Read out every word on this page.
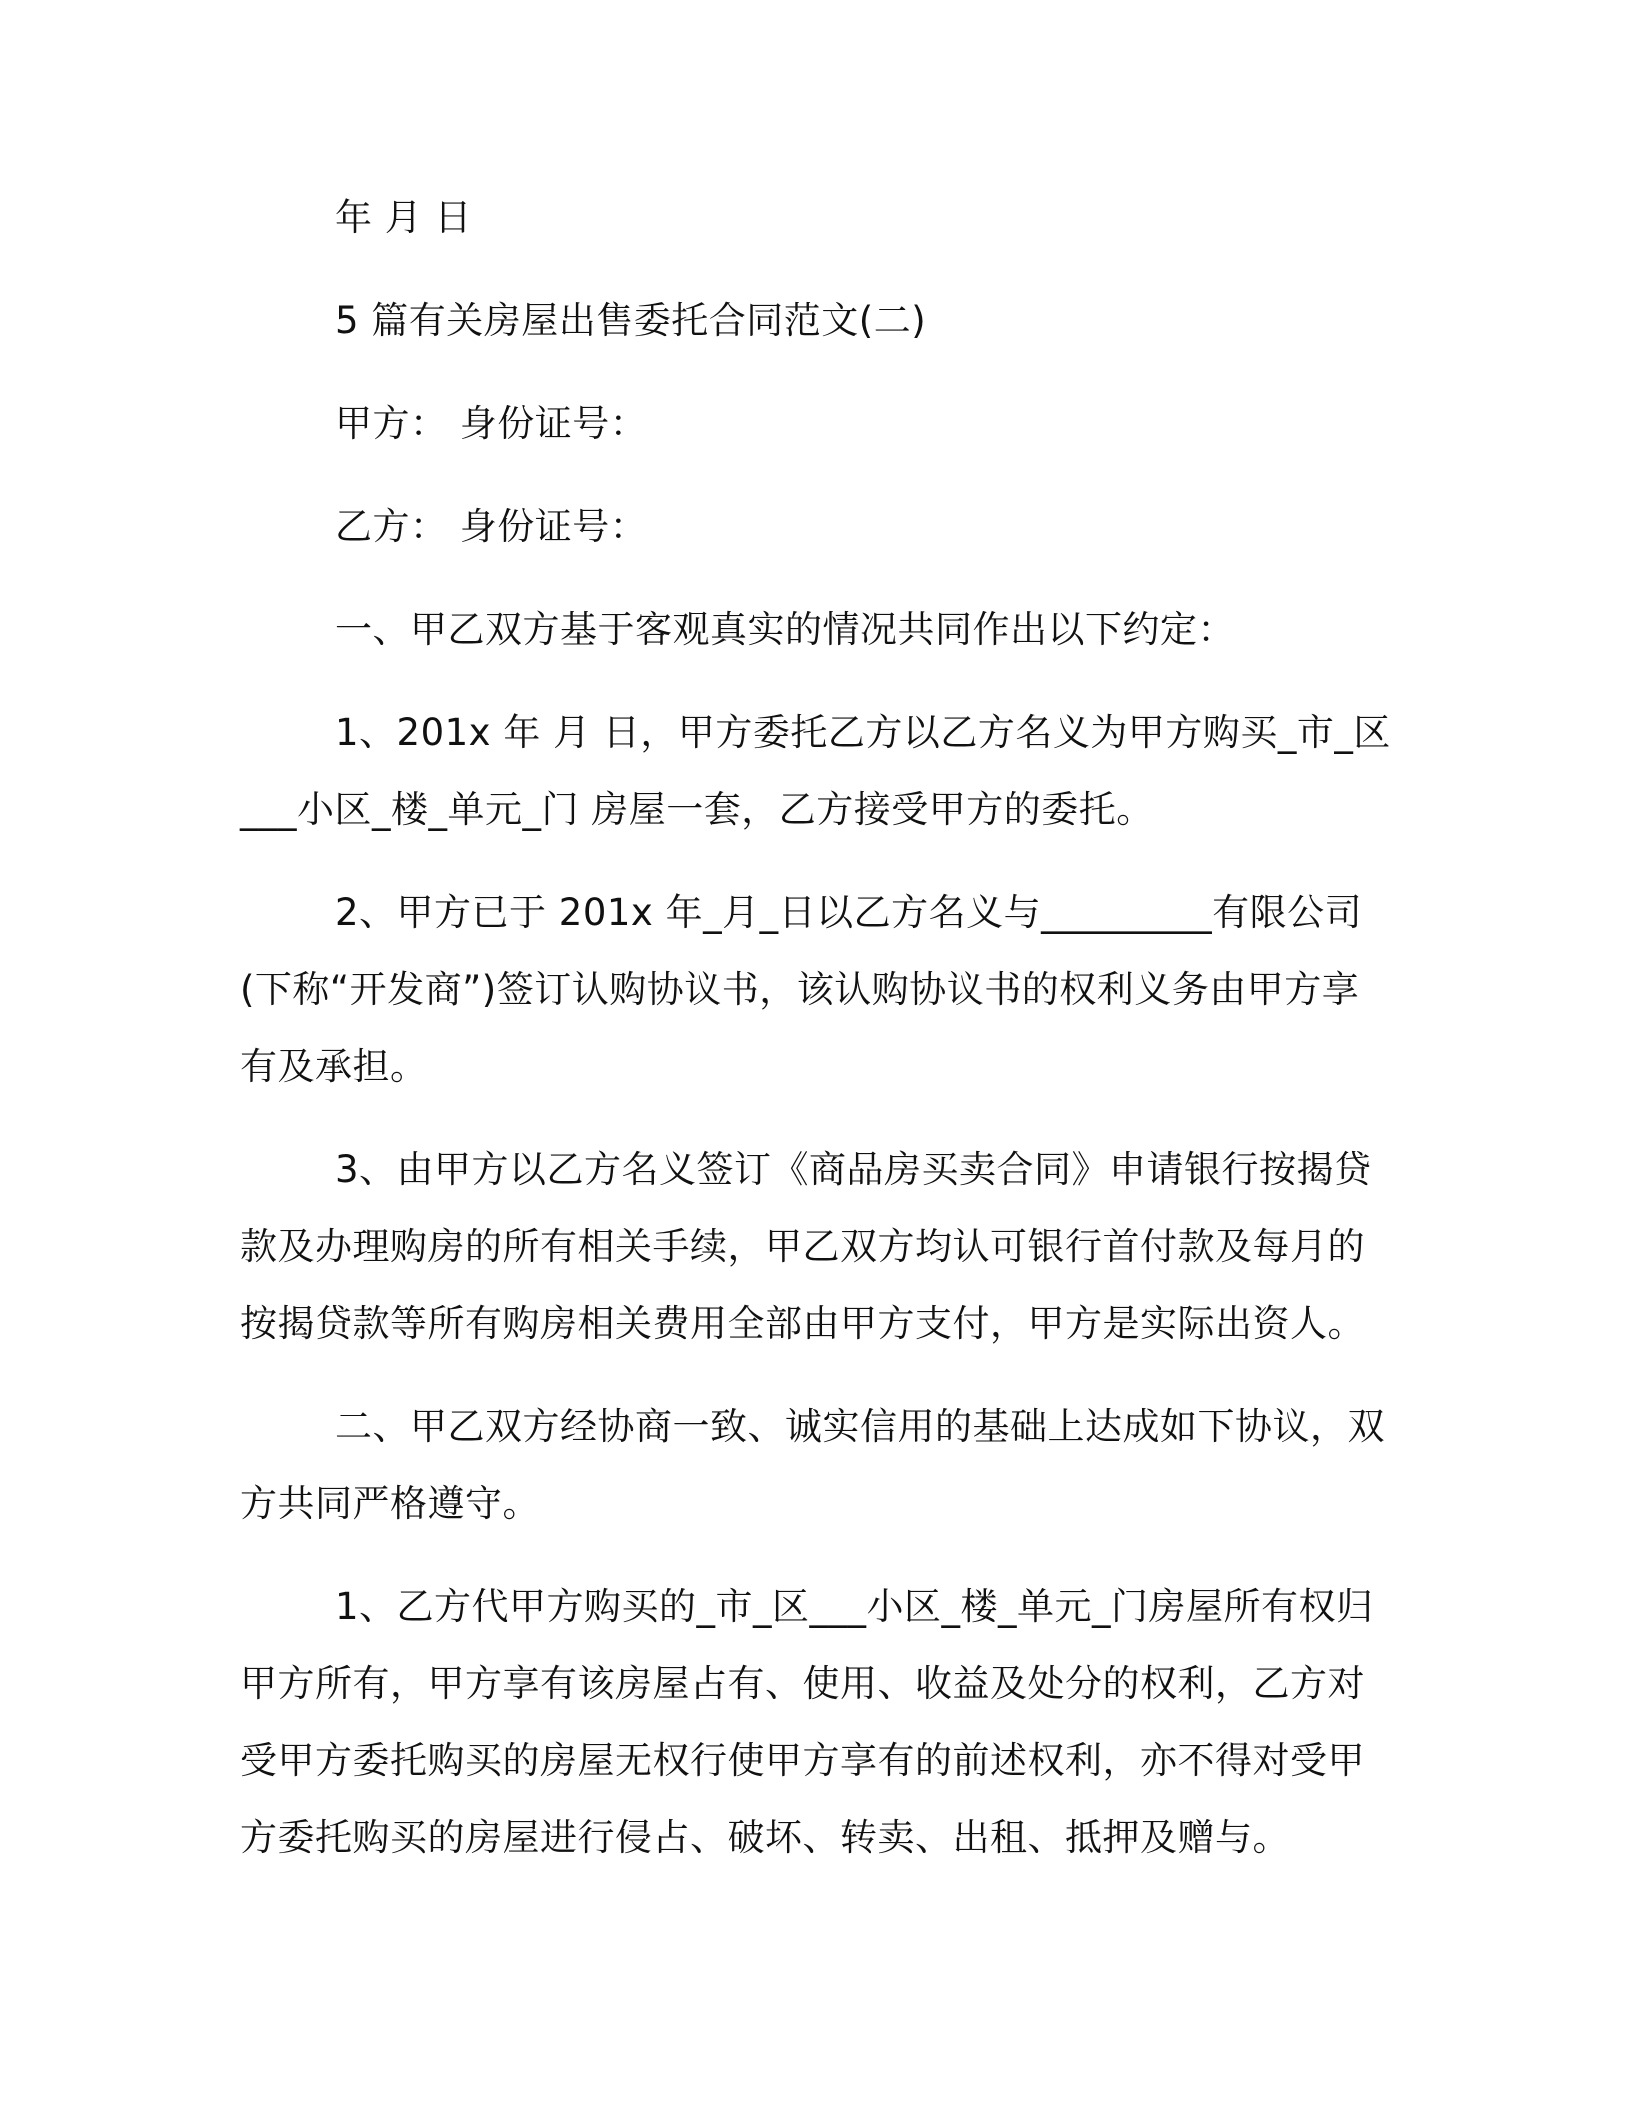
年 月 日

5 篇有关房屋出售委托合同范文(二)

甲方： 身份证号：

乙方： 身份证号：

一、甲乙双方基于客观真实的情况共同作出以下约定：

1、201x 年 月 日，甲方委托乙方以乙方名义为甲方购买_市_区

___小区_楼_单元_门 房屋一套，乙方接受甲方的委托。

2、甲方已于 201x 年_月_日以乙方名义与_________有限公司

(下称“开发商”)签订认购协议书，该认购协议书的权利义务由甲方享

有及承担。

3、由甲方以乙方名义签订《商品房买卖合同》申请银行按揭贷

款及办理购房的所有相关手续，甲乙双方均认可银行首付款及每月的

按揭贷款等所有购房相关费用全部由甲方支付，甲方是实际出资人。

二、甲乙双方经协商一致、诚实信用的基础上达成如下协议，双

方共同严格遵守。

1、乙方代甲方购买的_市_区___小区_楼_单元_门房屋所有权归

甲方所有，甲方享有该房屋占有、使用、收益及处分的权利，乙方对

受甲方委托购买的房屋无权行使甲方享有的前述权利，亦不得对受甲

方委托购买的房屋进行侵占、破坏、转卖、出租、抵押及赠与。
